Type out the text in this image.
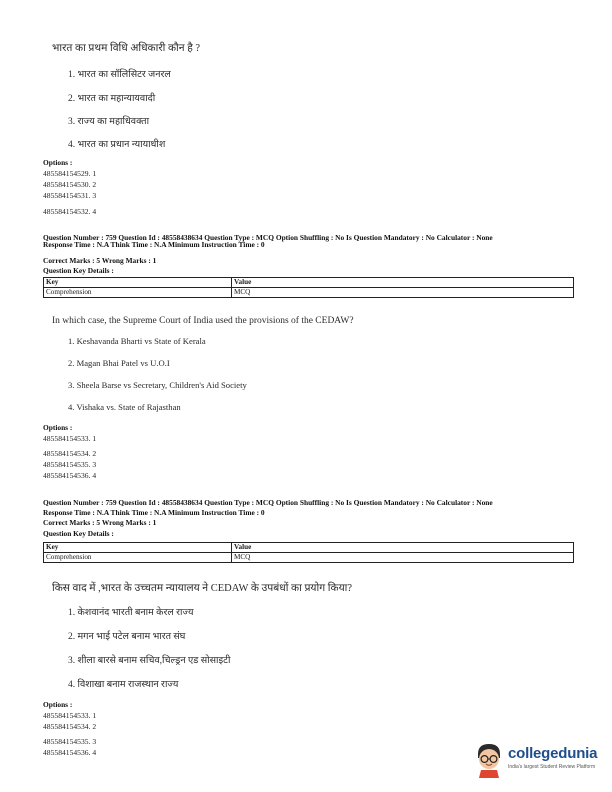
भारत का प्रथम विधि अधिकारी कौन है ?
1. भारत का सॉलिसिटर जनरल
2. भारत का महान्यायवादी
3. राज्य का महाधिवक्ता
4. भारत का प्रधान न्यायाधीश
Options :
485584154529. 1
485584154530. 2
485584154531. 3
485584154532. 4
Question Number : 759 Question Id : 48558438634 Question Type : MCQ Option Shuffling : No Is Question Mandatory : No Calculator : None
Response Time : N.A Think Time : N.A Minimum Instruction Time : 0
Correct Marks : 5 Wrong Marks : 1
Question Key Details :
Key	Value
Comprehension	MCQ
In which case, the Supreme Court of India used the provisions of the CEDAW?
1. Keshavanda Bharti vs State of Kerala
2. Magan Bhai Patel vs U.O.I
3. Sheela Barse vs Secretary, Children's Aid Society
4. Vishaka vs. State of Rajasthan
Options :
485584154533. 1
485584154534. 2
485584154535. 3
485584154536. 4
Question Number : 759 Question Id : 48558438634 Question Type : MCQ Option Shuffling : No Is Question Mandatory : No Calculator : None
Response Time : N.A Think Time : N.A Minimum Instruction Time : 0
Correct Marks : 5 Wrong Marks : 1
Question Key Details :
Key	Value
Comprehension	MCQ
किस वाद में ,भारत के उच्चतम न्यायालय ने CEDAW के उपबंधों का प्रयोग किया?
1. केशवानंद भारती बनाम केरल राज्य
2. मगन भाई पटेल बनाम भारत संघ
3. शीला बारसे बनाम सचिव,चिल्ड्रन एड सोसाइटी
4. विशाखा बनाम राजस्थान राज्य
Options :
485584154533. 1
485584154534. 2
485584154535. 3
485584154536. 4	collegedunia
India's largest Student Review Platform
